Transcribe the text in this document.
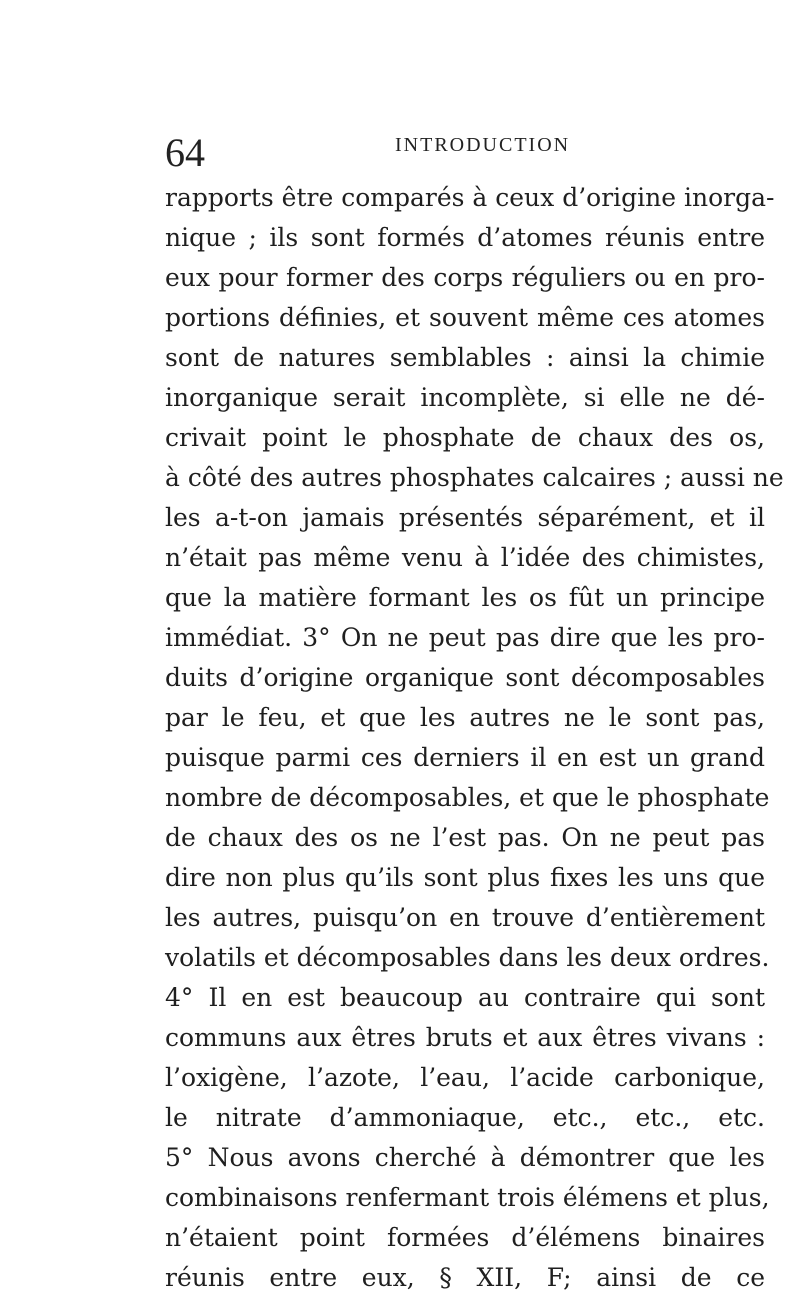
64	INTRODUCTION
rapports être comparés à ceux d’origine inorga-
nique ; ils sont formés d’atomes réunis entre
eux pour former des corps réguliers ou en pro-
portions définies, et souvent même ces atomes
sont de natures semblables : ainsi la chimie
inorganique serait incomplète, si elle ne dé-
crivait point le phosphate de chaux des os,
à côté des autres phosphates calcaires ; aussi ne
les a-t-on jamais présentés séparément, et il
n’était pas même venu à l’idée des chimistes,
que la matière formant les os fût un principe
immédiat. 3° On ne peut pas dire que les pro-
duits d’origine organique sont décomposables
par le feu, et que les autres ne le sont pas,
puisque parmi ces derniers il en est un grand
nombre de décomposables, et que le phosphate
de chaux des os ne l’est pas. On ne peut pas
dire non plus qu’ils sont plus fixes les uns que
les autres, puisqu’on en trouve d’entièrement
volatils et décomposables dans les deux ordres.
4° Il en est beaucoup au contraire qui sont
communs aux êtres bruts et aux êtres vivans :
l’oxigène, l’azote, l’eau, l’acide carbonique,
le nitrate d’ammoniaque, etc., etc., etc.
5° Nous avons cherché à démontrer que les
combinaisons renfermant trois élémens et plus,
n’étaient point formées d’élémens binaires
réunis entre eux, § XII, F; ainsi de ce
